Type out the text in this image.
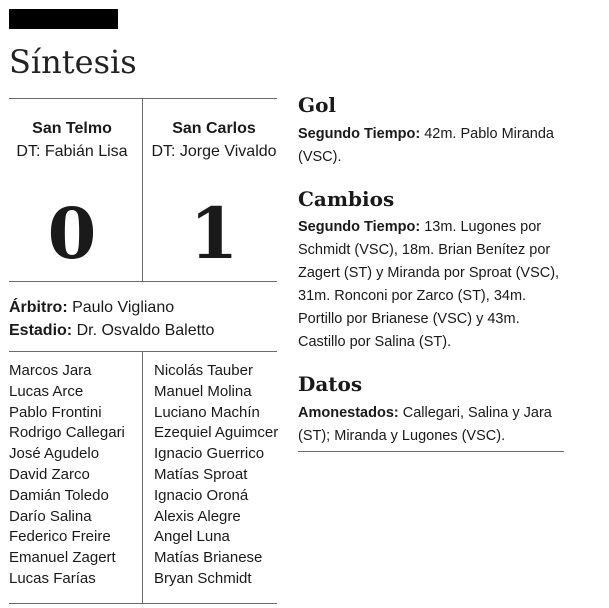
Síntesis
San Telmo
DT: Fabián Lisa
San Carlos
DT: Jorge Vivaldo
0	1
Árbitro: Paulo Vigliano
Estadio: Dr. Osvaldo Baletto
Marcos Jara
Lucas Arce
Pablo Frontini
Rodrigo Callegari
José Agudelo
David Zarco
Damián Toledo
Darío Salina
Federico Freire
Emanuel Zagert
Lucas Farías
Nicolás Tauber
Manuel Molina
Luciano Machín
Ezequiel Aguimcer
Ignacio Guerrico
Matías Sproat
Ignacio Oroná
Alexis Alegre
Angel Luna
Matías Brianese
Bryan Schmidt
Gol
Segundo Tiempo: 42m. Pablo Miranda (VSC).
Cambios
Segundo Tiempo: 13m. Lugones por Schmidt (VSC), 18m. Brian Benítez por Zagert (ST) y Miranda por Sproat (VSC), 31m. Ronconi por Zarco (ST), 34m. Portillo por Brianese (VSC) y 43m. Castillo por Salina (ST).
Datos
Amonestados: Callegari, Salina y Jara (ST); Miranda y Lugones (VSC).
